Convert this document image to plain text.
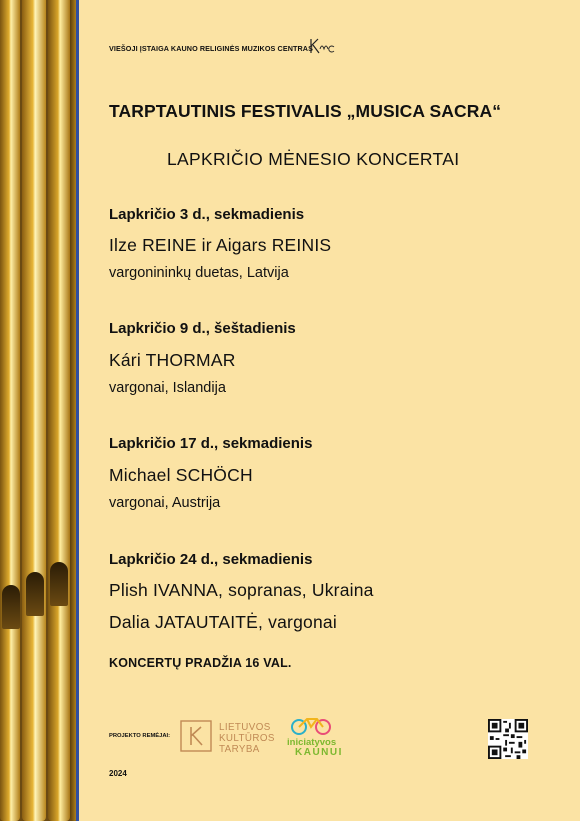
VIEŠOJI ĮSTAIGA KAUNO RELIGINĖS MUZIKOS CENTRAS
TARPTAUTINIS FESTIVALIS „MUSICA SACRA“
LAPKRIČIO MĖNESIO KONCERTAI
Lapkričio 3 d., sekmadienis
Ilze REINE ir Aigars REINIS
vargonininkų duetas, Latvija
Lapkričio 9 d., šeštadienis
Kári THORMAR
vargonai, Islandija
Lapkričio 17 d., sekmadienis
Michael SCHÖCH
vargonai, Austrija
Lapkričio 24 d., sekmadienis
Plish IVANNA, sopranas, Ukraina
Dalia JATAUTAITĖ, vargonai
KONCERTŲ PRADŽIA 16 VAL.
PROJEKTO REMĖJAI:
LIETUVOS
KULTŪROS
TARYBA
iniciatyvos
KAUNUI
2024
